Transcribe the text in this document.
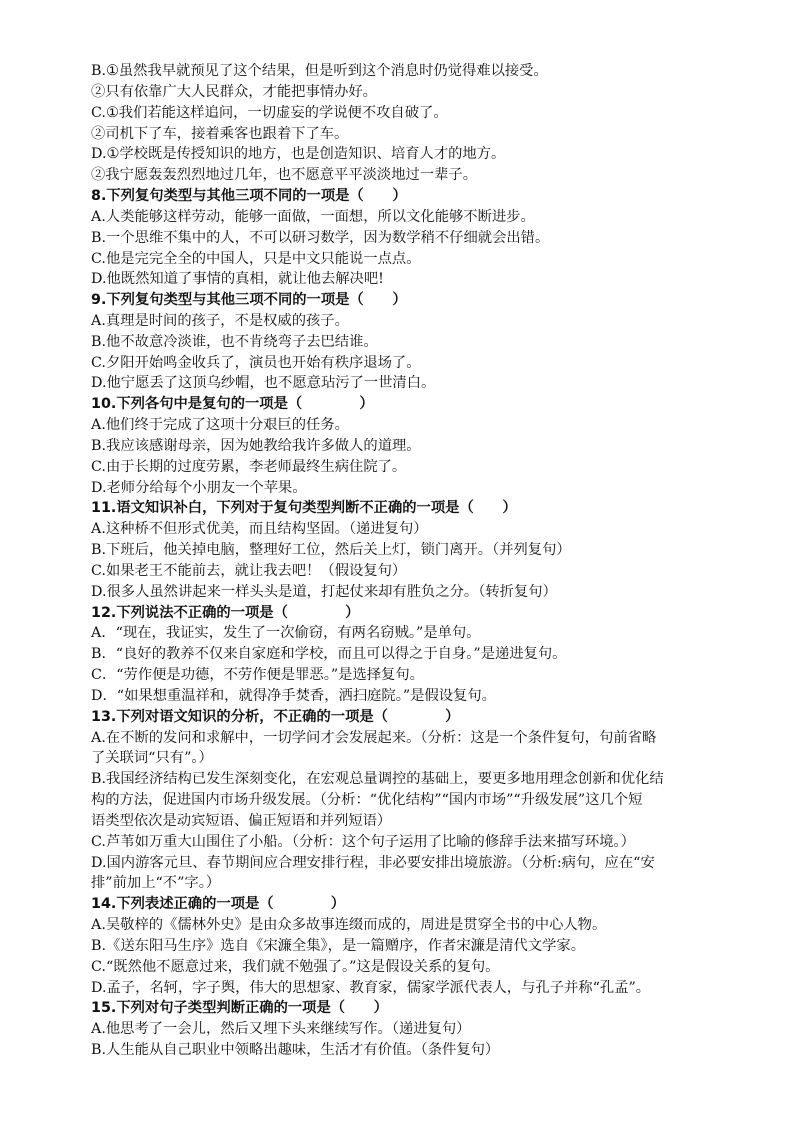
B.①虽然我早就预见了这个结果，但是听到这个消息时仍觉得难以接受。
②只有依靠广大人民群众，才能把事情办好。
C.①我们若能这样追问，一切虚妄的学说便不攻自破了。
②司机下了车，接着乘客也跟着下了车。
D.①学校既是传授知识的地方，也是创造知识、培育人才的地方。
②我宁愿轰轰烈烈地过几年，也不愿意平平淡淡地过一辈子。
8.下列复句类型与其他三项不同的一项是（　　）
A.人类能够这样劳动，能够一面做，一面想，所以文化能够不断进步。
B.一个思维不集中的人，不可以研习数学，因为数学稍不仔细就会出错。
C.他是完完全全的中国人，只是中文只能说一点点。
D.他既然知道了事情的真相，就让他去解决吧!
9.下列复句类型与其他三项不同的一项是（　　）
A.真理是时间的孩子，不是权威的孩子。
B.他不故意冷淡谁，也不肯绕弯子去巴结谁。
C.夕阳开始鸣金收兵了，演员也开始有秩序退场了。
D.他宁愿丢了这顶乌纱帽，也不愿意玷污了一世清白。
10.下列各句中是复句的一项是（　　　　）
A.他们终于完成了这项十分艰巨的任务。
B.我应该感谢母亲，因为她教给我许多做人的道理。
C.由于长期的过度劳累，李老师最终生病住院了。
D.老师分给每个小朋友一个苹果。
11.语文知识补白，下列对于复句类型判断不正确的一项是（　　）
A.这种桥不但形式优美，而且结构坚固。（递进复句）
B.下班后，他关掉电脑，整理好工位，然后关上灯，锁门离开。（并列复句）
C.如果老王不能前去，就让我去吧！（假设复句）
D.很多人虽然讲起来一样头头是道，打起仗来却有胜负之分。（转折复句）
12.下列说法不正确的一项是（　　　　）
A．“现在，我证实，发生了一次偷窃，有两名窃贼。”是单句。
B．“良好的教养不仅来自家庭和学校，而且可以得之于自身。”是递进复句。
C．“劳作便是功德，不劳作便是罪恶。”是选择复句。
D．“如果想重温祥和，就得净手焚香，洒扫庭院。”是假设复句。
13.下列对语文知识的分析，不正确的一项是（　　　　）
A.在不断的发问和求解中，一切学问才会发展起来。（分析：这是一个条件复句，句前省略
了关联词“只有”。）
B.我国经济结构已发生深刻变化，在宏观总量调控的基础上，要更多地用理念创新和优化结
构的方法，促进国内市场升级发展。（分析：“优化结构”“国内市场”“升级发展”这几个短
语类型依次是动宾短语、偏正短语和并列短语）
C.芦苇如万重大山围住了小船。（分析：这个句子运用了比喻的修辞手法来描写环境。）
D.国内游客元旦、春节期间应合理安排行程，非必要安排出境旅游。（分析:病句，应在“安
排”前加上“不”字。）
14.下列表述正确的一项是（　　　　）
A.吴敬梓的《儒林外史》是由众多故事连缀而成的，周进是贯穿全书的中心人物。
B.《送东阳马生序》选自《宋濂全集》，是一篇赠序，作者宋濂是清代文学家。
C.“既然他不愿意过来，我们就不勉强了。”这是假设关系的复句。
D.孟子，名轲，字子舆，伟大的思想家、教育家，儒家学派代表人，与孔子并称“孔孟”。
15.下列对句子类型判断正确的一项是（　　）
A.他思考了一会儿，然后又埋下头来继续写作。（递进复句）
B.人生能从自己职业中领略出趣味，生活才有价值。（条件复句）
